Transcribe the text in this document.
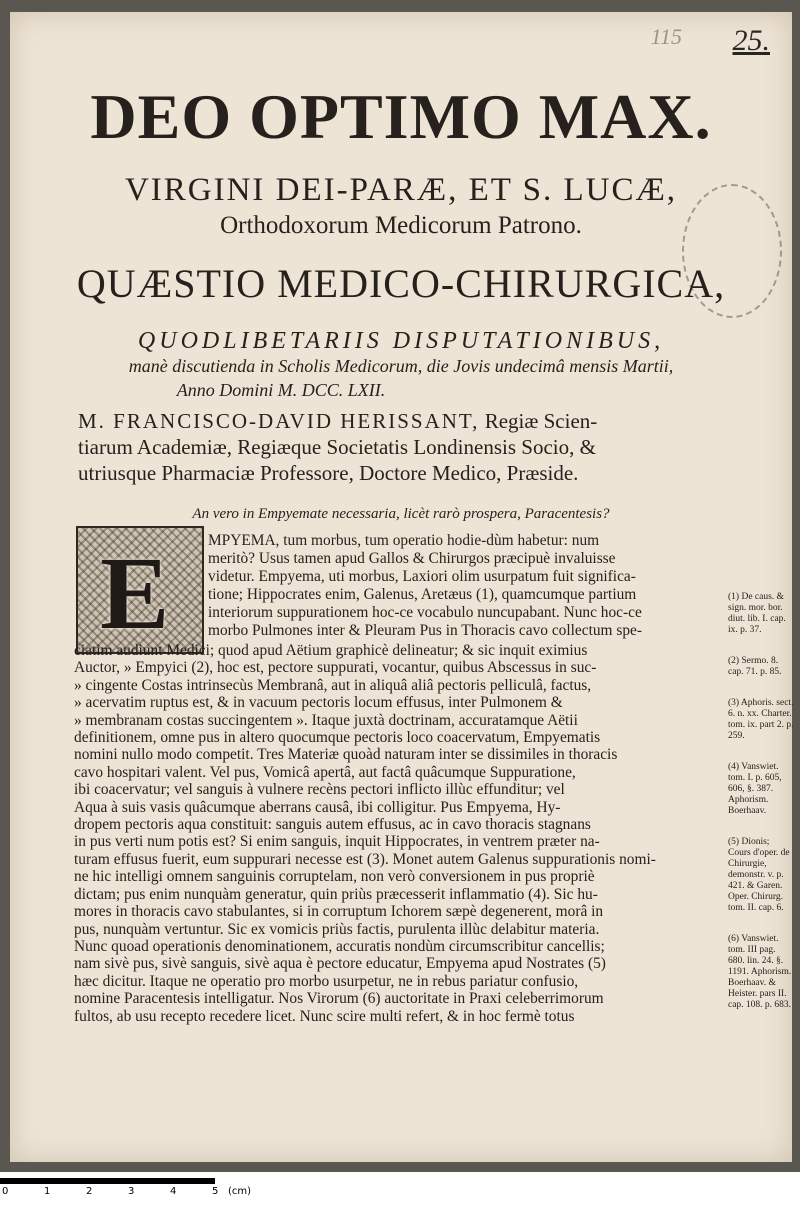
115 25.
DEO OPTIMO MAX.
VIRGINI DEI-PARÆ, ET S. LUCÆ,
Orthodoxorum Medicorum Patrono.
QUÆSTIO MEDICO-CHIRURGICA,
QUODLIBETARIIS DISPUTATIONIBUS,
manè discutienda in Scholis Medicorum, die Jovis undecimâ mensis Martii,
Anno Domini M. DCC. LXII.
M. FRANCISCO-DAVID HERISSANT, Regiæ Scien-
tiarum Academiæ, Regiæque Societatis Londinensis Socio, &
utriusque Pharmaciæ Professore, Doctore Medico, Præside.
An vero in Empyemate necessaria, licèt rarò prospera, Paracentesis?
E	MPYEMA, tum morbus, tum operatio hodie-dùm habetur: num
meritò? Usus tamen apud Gallos & Chirurgos præcipuè invaluisse
videtur. Empyema, uti morbus, Laxiori olim usurpatum fuit significa-
tione; Hippocrates enim, Galenus, Aretæus (1), quamcumque partium
interiorum suppurationem hoc-ce vocabulo nuncupabant. Nunc hoc-ce
morbo Pulmones inter & Pleuram Pus in Thoracis cavo collectum spe-
ciatim audiunt Medici; quod apud Aëtium graphicè delineatur; & sic inquit eximius
Auctor, » Empyici (2), hoc est, pectore suppurati, vocantur, quibus Abscessus in suc-
» cingente Costas intrinsecùs Membranâ, aut in aliquâ aliâ pectoris pelliculâ, factus,
» acervatim ruptus est, & in vacuum pectoris locum effusus, inter Pulmonem &
» membranam costas succingentem ». Itaque juxtà doctrinam, accuratamque Aëtii
definitionem, omne pus in altero quocumque pectoris loco coacervatum, Empyematis
nomini nullo modo competit. Tres Materiæ quoàd naturam inter se dissimiles in thoracis
cavo hospitari valent. Vel pus, Vomicâ apertâ, aut factâ quâcumque Suppuratione,
ibi coacervatur; vel sanguis à vulnere recèns pectori inflicto illùc effunditur; vel
Aqua à suis vasis quâcumque aberrans causâ, ibi colligitur. Pus Empyema, Hy-
dropem pectoris aqua constituit: sanguis autem effusus, ac in cavo thoracis stagnans
in pus verti num potis est? Si enim sanguis, inquit Hippocrates, in ventrem præter na-
turam effusus fuerit, eum suppurari necesse est (3). Monet autem Galenus suppurationis nomi-
ne hic intelligi omnem sanguinis corruptelam, non verò conversionem in pus propriè
dictam; pus enim nunquàm generatur, quin priùs præcesserit inflammatio (4). Sic hu-
mores in thoracis cavo stabulantes, si in corruptum Ichorem sæpè degenerent, morâ in
pus, nunquàm vertuntur. Sic ex vomicis priùs factis, purulenta illùc delabitur materia.
Nunc quoad operationis denominationem, accuratis nondùm circumscribitur cancellis;
nam sivè pus, sivè sanguis, sivè aqua è pectore educatur, Empyema apud Nostrates (5)
hæc dicitur. Itaque ne operatio pro morbo usurpetur, ne in rebus pariatur confusio,
nomine Paracentesis intelligatur. Nos Virorum (6) auctoritate in Praxi celeberrimorum
fultos, ab usu recepto recedere licet. Nunc scire multi refert, & in hoc fermè totus
(1) De caus. & sign. mor. bor. diut. lib. I. cap. ix. p. 37.
(2) Sermo. 8. cap. 71. p. 85.
(3) Aphoris. sect. 6. n. xx. Charter. tom. ix. part 2. p. 259.
(4) Vanswiet. tom. I. p. 605, 606, §. 387. Aphorism. Boerhaav.
(5) Dionis; Cours d'oper. de Chirurgie, demonstr. v. p. 421. & Garen. Oper. Chirurg. tom. II. cap. 6.
(6) Vanswiet. tom. III pag. 680. lin. 24. §. 1191. Aphorism. Boerhaav. & Heister. pars II. cap. 108. p. 683.
0	1	2	3	4	5 (cm)
